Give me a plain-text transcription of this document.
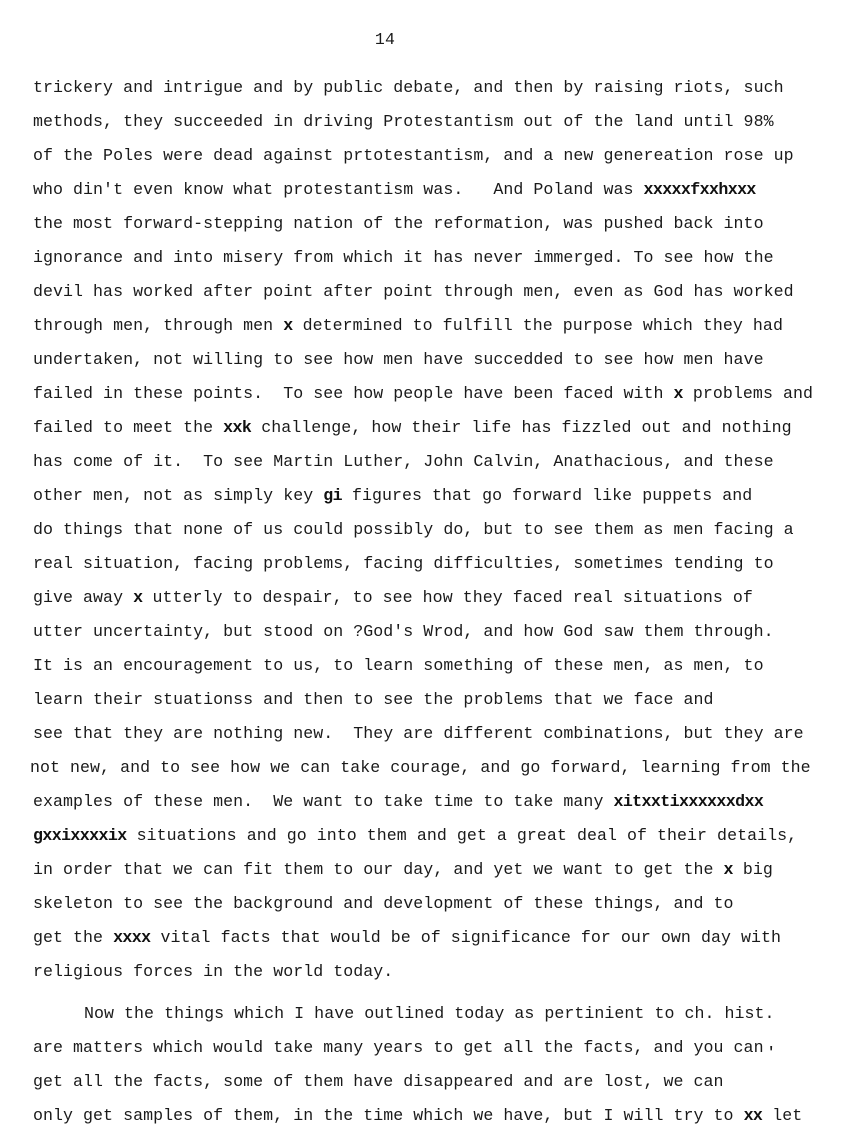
14
trickery and intrigue and by public debate, and then by raising riots, such
methods, they succeeded in driving Protestantism out of the land until 98%
of the Poles were dead against prtotestantism, and a new genereation rose up
who din't even know what protestantism was.   And Poland was xxxxxfxxhxxx
the most forward-stepping nation of the reformation, was pushed back into
ignorance and into misery from which it has never immerged. To see how the
devil has worked after point after point through men, even as God has worked
through men, through men x determined to fulfill the purpose which they had
undertaken, not willing to see how men have succedded to see how men have
failed in these points.  To see how people have been faced with x problems and
failed to meet the xxk challenge, how their life has fizzled out and nothing
has come of it.  To see Martin Luther, John Calvin, Anathacious, and these
other men, not as simply key gi figures that go forward like puppets and
do things that none of us could possibly do, but to see them as men facing a
real situation, facing problems, facing difficulties, sometimes tending to
give away x utterly to despair, to see how they faced real situations of
utter uncertainty, but stood on ?God's Wrod, and how God saw them through.
It is an encouragement to us, to learn something of these men, as men, to
learn their stuationss and then to see the problems that we face and
see that they are nothing new.  They are different combinations, but they are
not new, and to see how we can take courage, and go forward, learning from the
examples of these men.  We want to take time to take many xitxxtixxxxxxdxx
gxxixxxxix situations and go into them and get a great deal of their details,
in order that we can fit them to our day, and yet we want to get the x big
skeleton to see the background and development of these things, and to
get the xxxx vital facts that would be of significance for our own day with
religious forces in the world today.
Now the things which I have outlined today as pertinient to ch. hist.
are matters which would take many years to get all the facts, and you can
get all the facts, some of them have disappeared and are lost, we can
only get samples of them, in the time which we have, but I will try to xx let
'
